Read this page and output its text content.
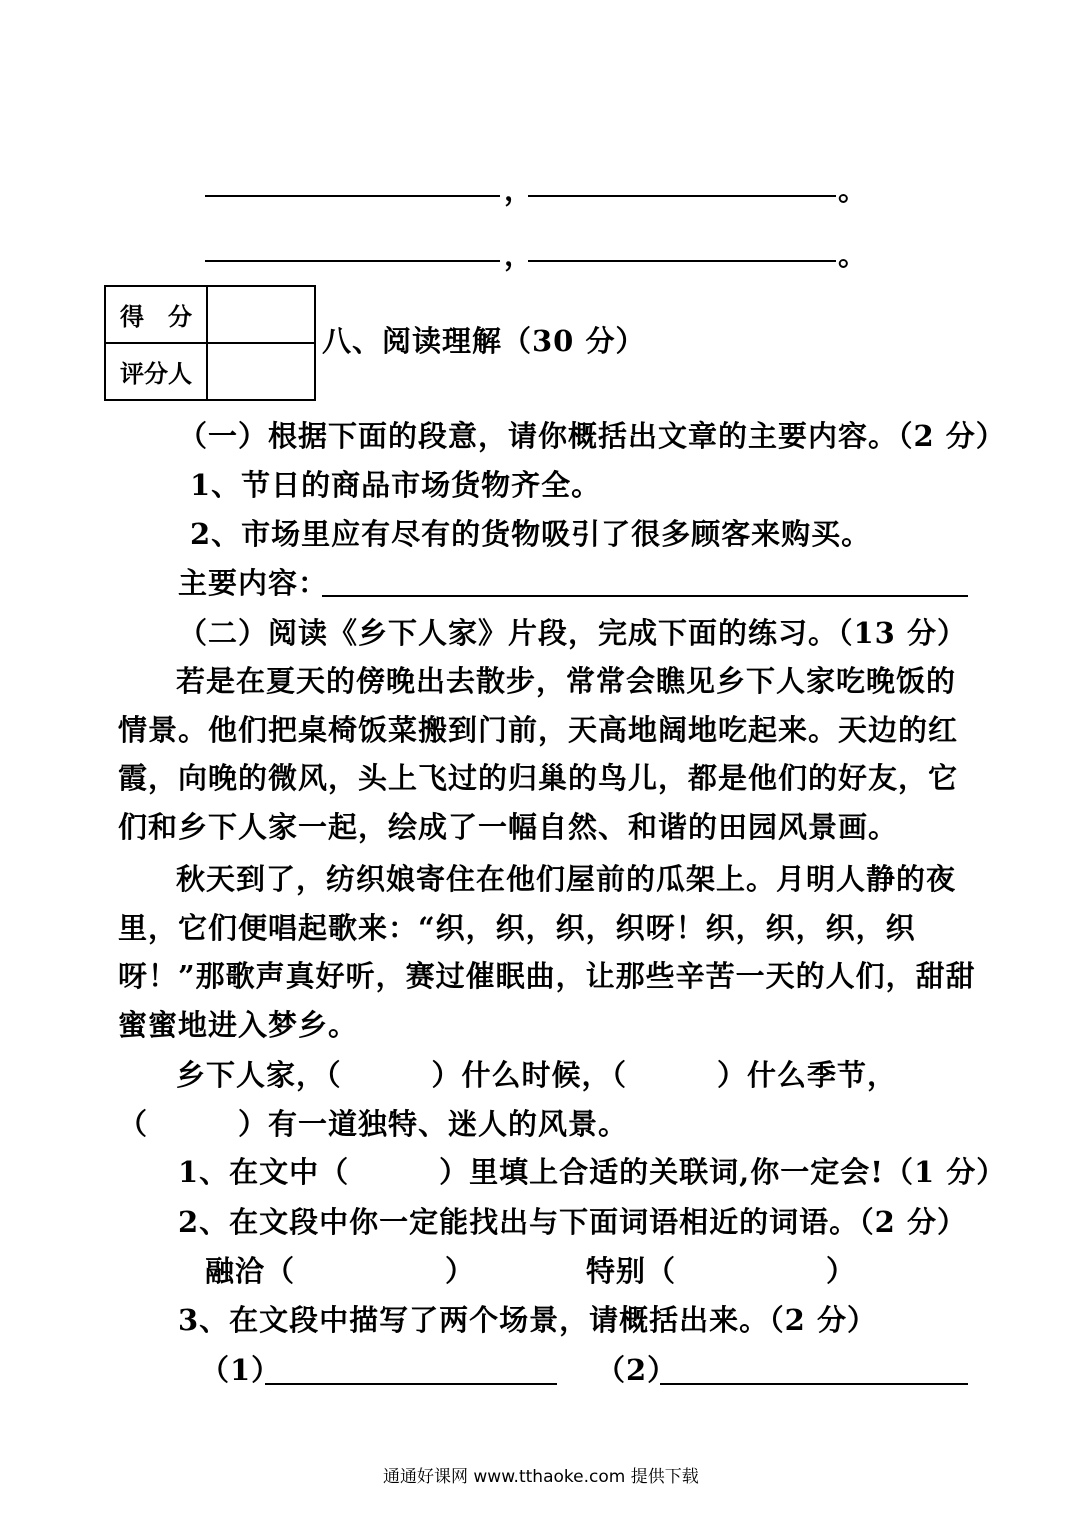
，	。
，	。
得　分	
评分人	
八、阅读理解（30 分）
（一）根据下面的段意，请你概括出文章的主要内容。（2 分）
1、节日的商品市场货物齐全。
2、市场里应有尽有的货物吸引了很多顾客来购买。
主要内容：
（二）阅读《乡下人家》片段，完成下面的练习。（13 分）
若是在夏天的傍晚出去散步，常常会瞧见乡下人家吃晚饭的情景。他们把桌椅饭菜搬到门前，天高地阔地吃起来。天边的红霞，向晚的微风，头上飞过的归巢的鸟儿，都是他们的好友，它们和乡下人家一起，绘成了一幅自然、和谐的田园风景画。
秋天到了，纺织娘寄住在他们屋前的瓜架上。月明人静的夜里，它们便唱起歌来：“织，织，织，织呀！织，织，织，织呀！”那歌声真好听，赛过催眠曲，让那些辛苦一天的人们，甜甜蜜蜜地进入梦乡。
乡下人家，（　　　）什么时候，（　　　）什么季节，（　　　）有一道独特、迷人的风景。
1、在文中（　　　）里填上合适的关联词,你一定会!（1 分）
2、在文段中你一定能找出与下面词语相近的词语。（2 分）
融洽（　　　　　）	特别（　　　　　）
3、在文段中描写了两个场景，请概括出来。（2 分）
（1）	（2）
通通好课网 www.tthaoke.com 提供下载
